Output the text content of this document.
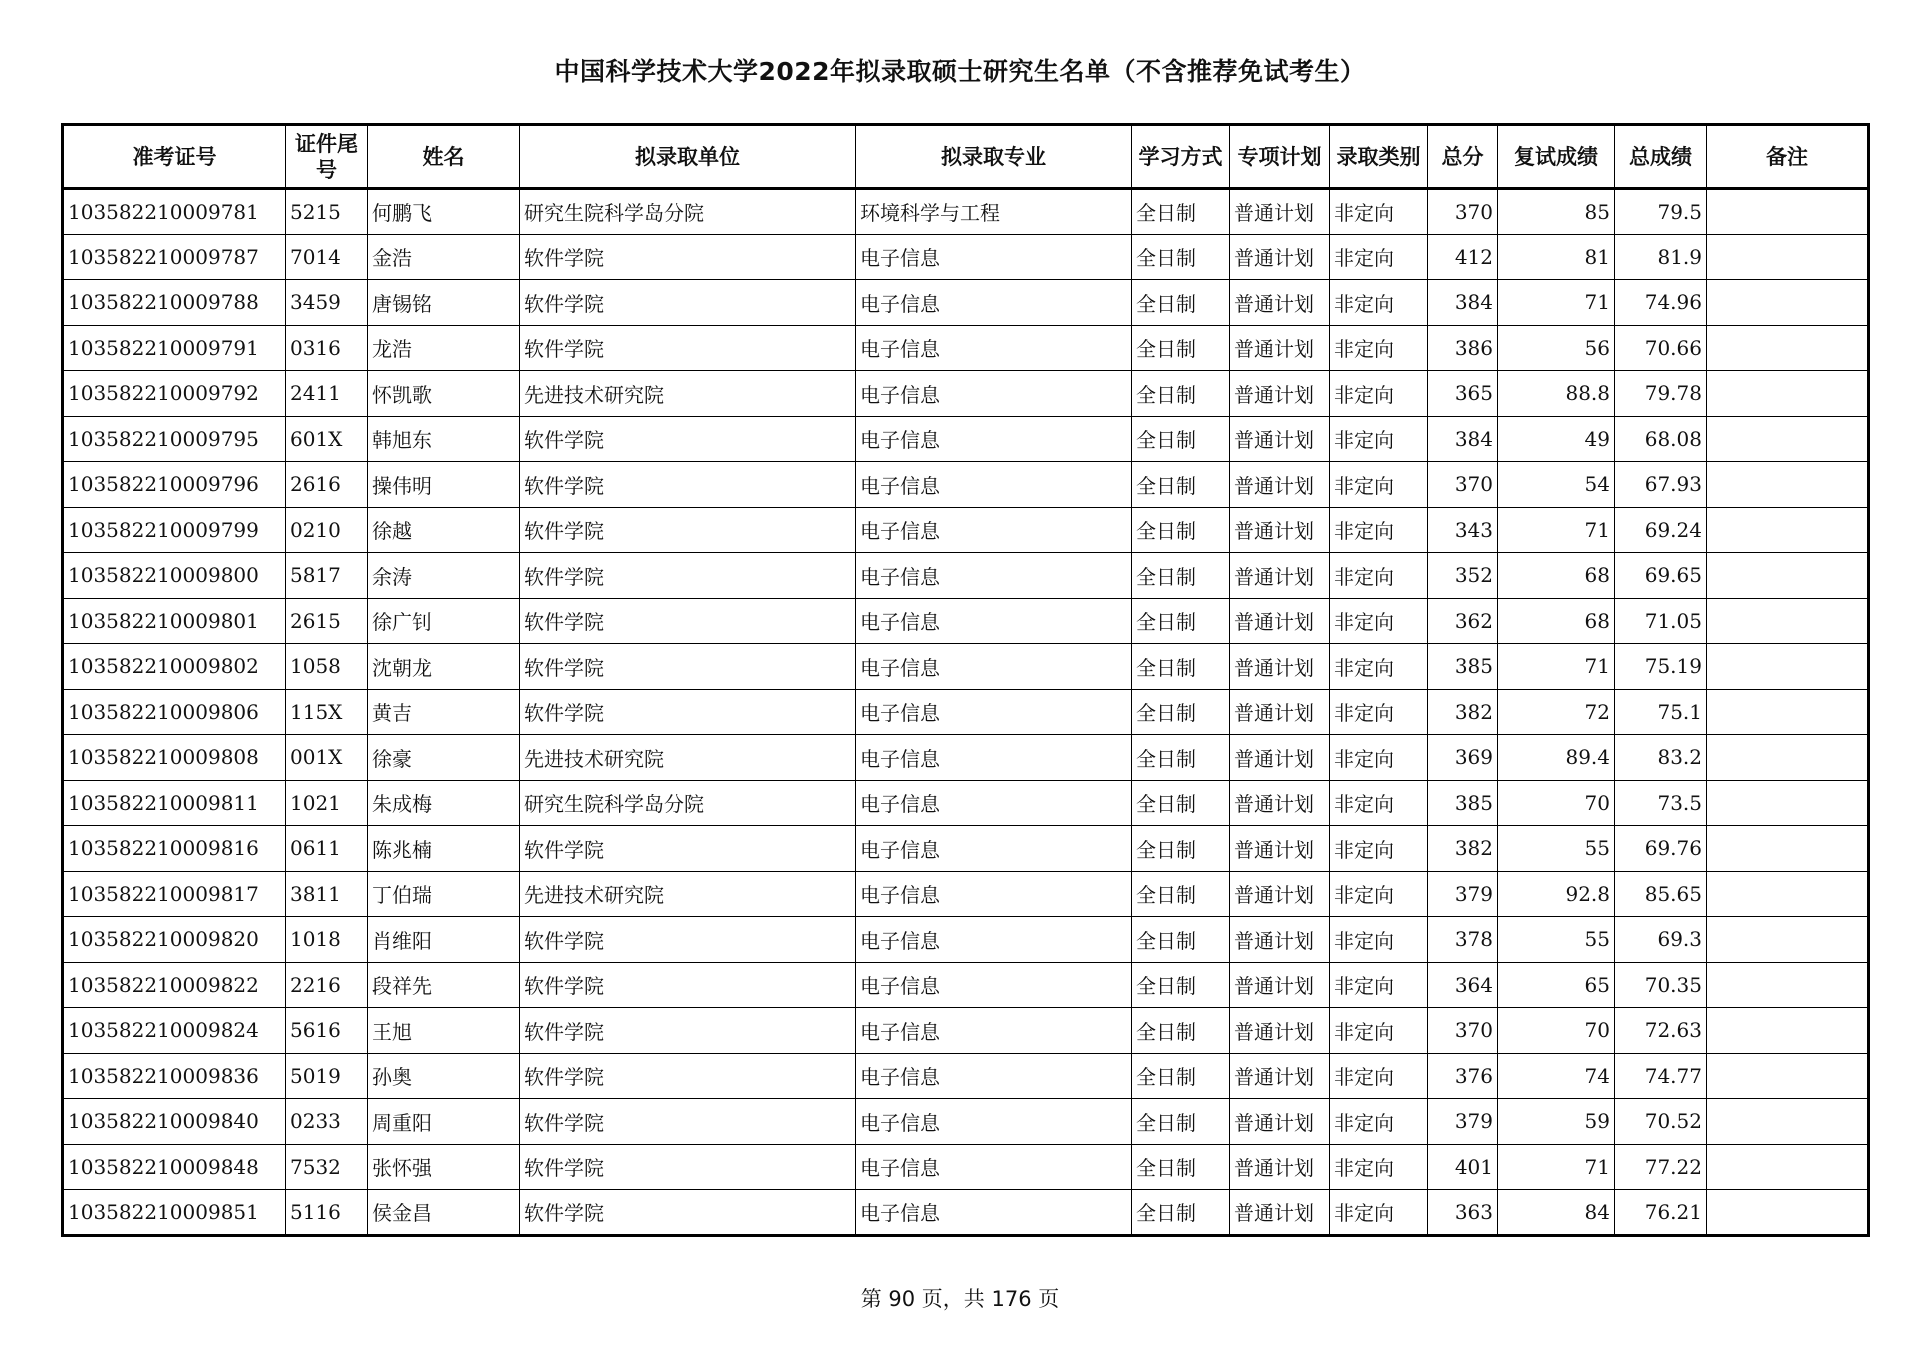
中国科学技术大学2022年拟录取硕士研究生名单（不含推荐免试考生）
准考证号	证件尾号	姓名	拟录取单位	拟录取专业	学习方式	专项计划	录取类别	总分	复试成绩	总成绩	备注
103582210009781	5215	何鹏飞	研究生院科学岛分院	环境科学与工程	全日制	普通计划	非定向	370	85	79.5	
103582210009787	7014	金浩	软件学院	电子信息	全日制	普通计划	非定向	412	81	81.9	
103582210009788	3459	唐锡铭	软件学院	电子信息	全日制	普通计划	非定向	384	71	74.96	
103582210009791	0316	龙浩	软件学院	电子信息	全日制	普通计划	非定向	386	56	70.66	
103582210009792	2411	怀凯歌	先进技术研究院	电子信息	全日制	普通计划	非定向	365	88.8	79.78	
103582210009795	601X	韩旭东	软件学院	电子信息	全日制	普通计划	非定向	384	49	68.08	
103582210009796	2616	操伟明	软件学院	电子信息	全日制	普通计划	非定向	370	54	67.93	
103582210009799	0210	徐越	软件学院	电子信息	全日制	普通计划	非定向	343	71	69.24	
103582210009800	5817	余涛	软件学院	电子信息	全日制	普通计划	非定向	352	68	69.65	
103582210009801	2615	徐广钊	软件学院	电子信息	全日制	普通计划	非定向	362	68	71.05	
103582210009802	1058	沈朝龙	软件学院	电子信息	全日制	普通计划	非定向	385	71	75.19	
103582210009806	115X	黄吉	软件学院	电子信息	全日制	普通计划	非定向	382	72	75.1	
103582210009808	001X	徐豪	先进技术研究院	电子信息	全日制	普通计划	非定向	369	89.4	83.2	
103582210009811	1021	朱成梅	研究生院科学岛分院	电子信息	全日制	普通计划	非定向	385	70	73.5	
103582210009816	0611	陈兆楠	软件学院	电子信息	全日制	普通计划	非定向	382	55	69.76	
103582210009817	3811	丁伯瑞	先进技术研究院	电子信息	全日制	普通计划	非定向	379	92.8	85.65	
103582210009820	1018	肖维阳	软件学院	电子信息	全日制	普通计划	非定向	378	55	69.3	
103582210009822	2216	段祥先	软件学院	电子信息	全日制	普通计划	非定向	364	65	70.35	
103582210009824	5616	王旭	软件学院	电子信息	全日制	普通计划	非定向	370	70	72.63	
103582210009836	5019	孙奥	软件学院	电子信息	全日制	普通计划	非定向	376	74	74.77	
103582210009840	0233	周重阳	软件学院	电子信息	全日制	普通计划	非定向	379	59	70.52	
103582210009848	7532	张怀强	软件学院	电子信息	全日制	普通计划	非定向	401	71	77.22	
103582210009851	5116	侯金昌	软件学院	电子信息	全日制	普通计划	非定向	363	84	76.21	
第 90 页，共 176 页
